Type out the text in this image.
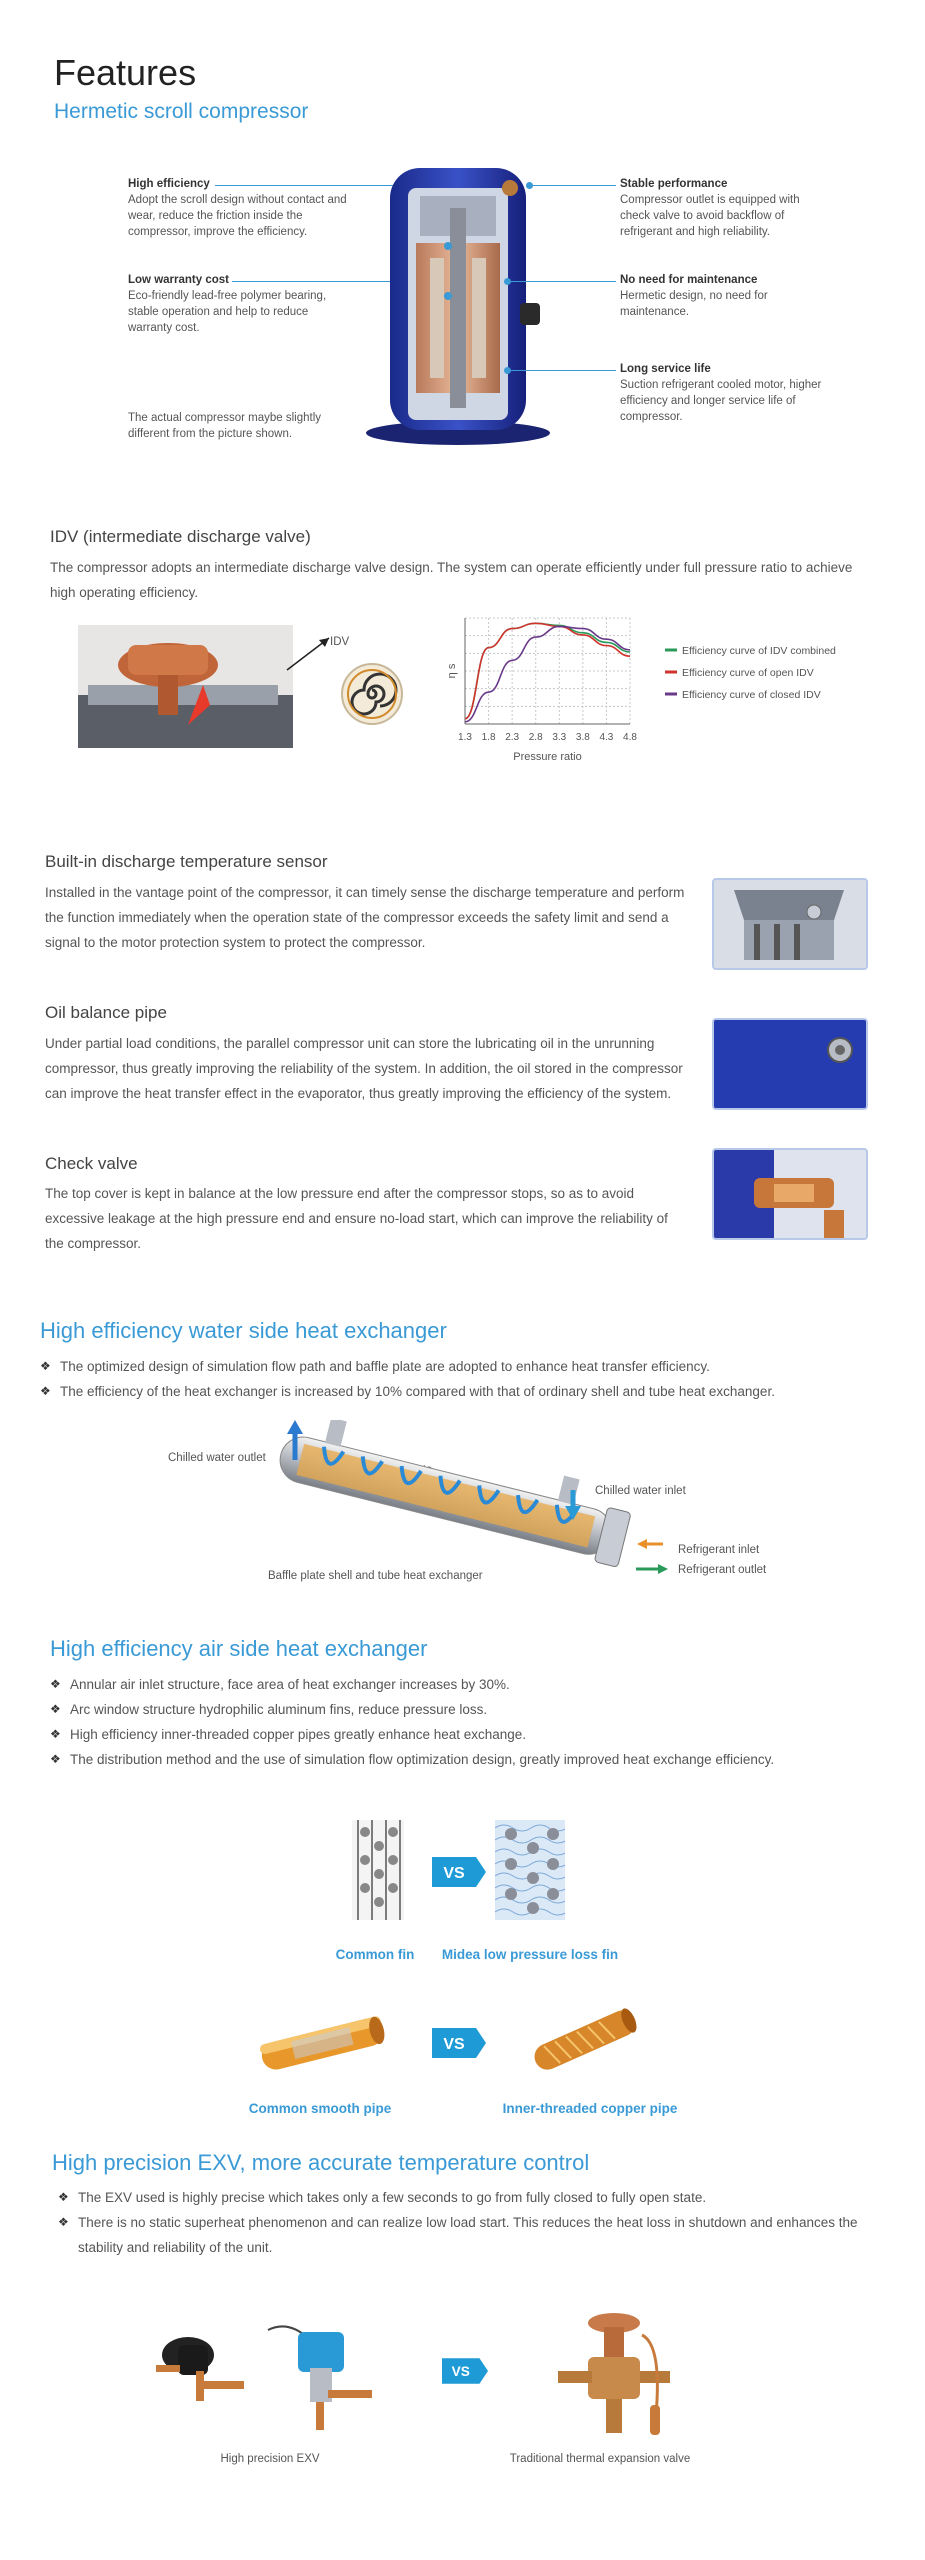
Features
Hermetic scroll compressor
High efficiency
Adopt the scroll design without contact and wear, reduce the friction inside the compressor, improve the efficiency.
Low warranty cost
Eco-friendly lead-free polymer bearing, stable operation and help to reduce warranty cost.
The actual compressor maybe slightly different from the picture shown.
Stable performance
Compressor outlet is equipped with check valve to avoid backflow of refrigerant and high reliability.
No need for maintenance
Hermetic design, no need for maintenance.
Long service life
Suction refrigerant cooled motor, higher efficiency and longer service life of compressor.
IDV (intermediate discharge valve)
The compressor adopts an intermediate discharge valve design. The system can operate efficiently under full pressure ratio to achieve high operating efficiency.
IDV
1.3 1.8 2.3 2.8 3.3 3.8 4.3 4.8
Pressure ratio
η s
Efficiency curve of IDV combined
Efficiency curve of open IDV
Efficiency curve of closed IDV
Built-in discharge temperature sensor
Installed in the vantage point of the compressor, it can timely sense the discharge temperature and perform the function immediately when the operation state of the compressor exceeds the safety limit and send a signal to the motor protection system to protect the compressor.
Oil balance pipe
Under partial load conditions, the parallel compressor unit can store the lubricating oil in the unrunning compressor, thus greatly improving the reliability of the system. In addition, the oil stored in the compressor can improve the heat transfer effect in the evaporator, thus greatly improving the efficiency of the system.
Check valve
The top cover is kept in balance at the low pressure end after the compressor stops, so as to avoid excessive leakage at the high pressure end and ensure no-load start, which can improve the reliability of the compressor.
High efficiency water side heat exchanger
❖ The optimized design of simulation flow path and baffle plate are adopted to enhance heat transfer efficiency.
❖ The efficiency of the heat exchanger is increased by 10% compared with that of ordinary shell and tube heat exchanger.
Chilled water outlet
Chilled water inlet
Refrigerant inlet
Refrigerant outlet
Baffle plate shell and tube heat exchanger
High efficiency air side heat exchanger
❖ Annular air inlet structure, face area of heat exchanger increases by 30%.
❖ Arc window structure hydrophilic aluminum fins, reduce pressure loss.
❖ High efficiency inner-threaded copper pipes greatly enhance heat exchange.
❖ The distribution method and the use of simulation flow optimization design, greatly improved heat exchange efficiency.
VS
Common fin	Midea low pressure loss fin
VS
Common smooth pipe	Inner-threaded copper pipe
High precision EXV, more accurate temperature control
❖ The EXV used is highly precise which takes only a few seconds to go from fully closed to fully open state.
❖ There is no static superheat phenomenon and can realize low load start. This reduces the heat loss in shutdown and enhances the stability and reliability of the unit.
VS
High precision EXV	Traditional thermal expansion valve
